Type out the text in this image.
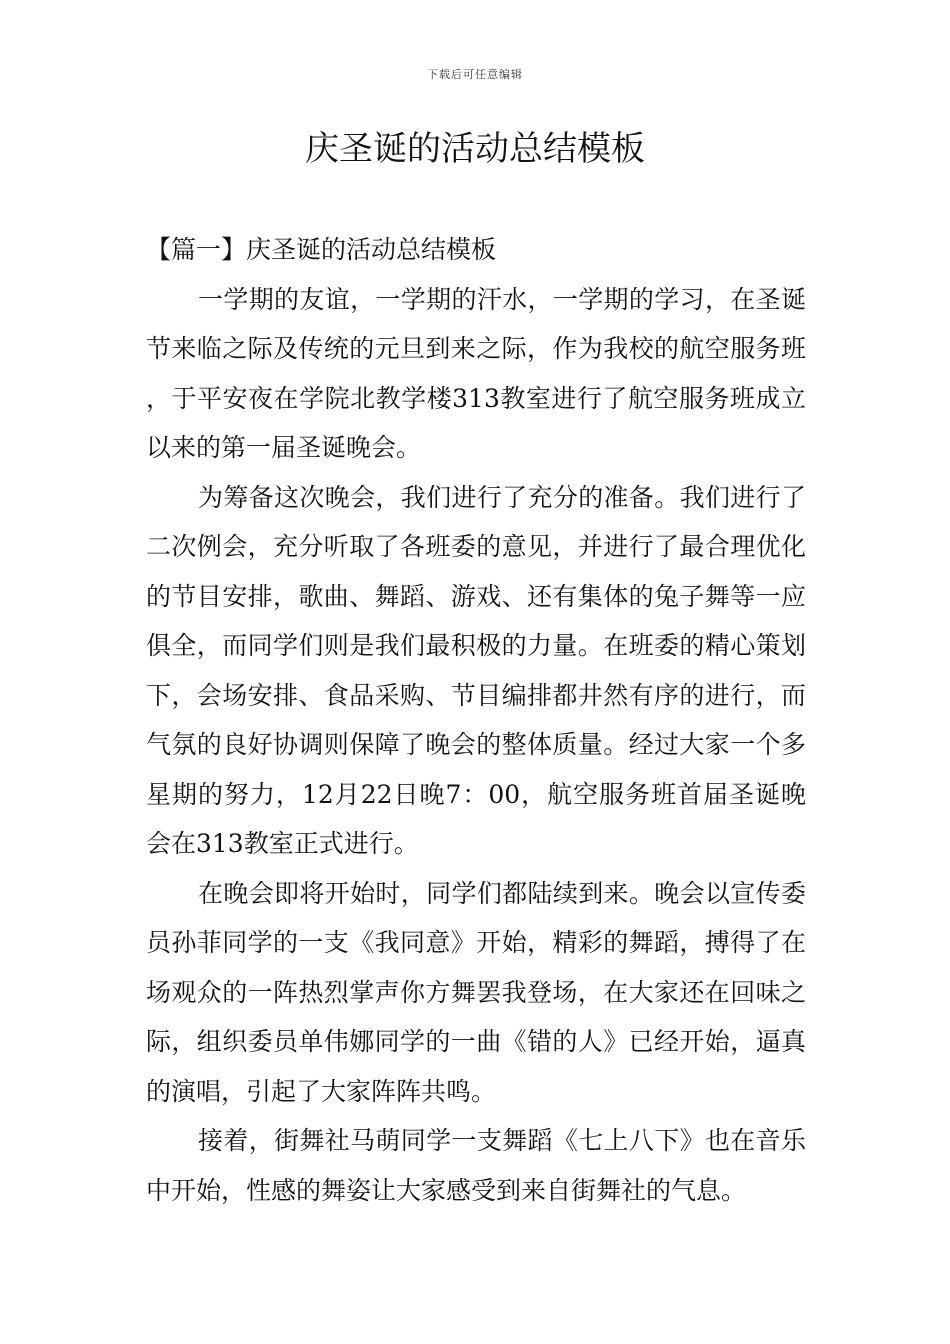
下载后可任意编辑
庆圣诞的活动总结模板
【篇一】庆圣诞的活动总结模板

一学期的友谊，一学期的汗水，一学期的学习，在圣诞节来临之际及传统的元旦到来之际，作为我校的航空服务班，于平安夜在学院北教学楼313教室进行了航空服务班成立以来的第一届圣诞晚会。

为筹备这次晚会，我们进行了充分的准备。我们进行了二次例会，充分听取了各班委的意见，并进行了最合理优化的节目安排，歌曲、舞蹈、游戏、还有集体的兔子舞等一应俱全，而同学们则是我们最积极的力量。在班委的精心策划下，会场安排、食品采购、节目编排都井然有序的进行，而气氛的良好协调则保障了晚会的整体质量。经过大家一个多星期的努力，12月22日晚7：00，航空服务班首届圣诞晚会在313教室正式进行。

在晚会即将开始时，同学们都陆续到来。晚会以宣传委员孙菲同学的一支《我同意》开始，精彩的舞蹈，搏得了在场观众的一阵热烈掌声你方舞罢我登场，在大家还在回味之际，组织委员单伟娜同学的一曲《错的人》已经开始，逼真的演唱，引起了大家阵阵共鸣。

接着，街舞社马萌同学一支舞蹈《七上八下》也在音乐中开始，性感的舞姿让大家感受到来自街舞社的气息。
